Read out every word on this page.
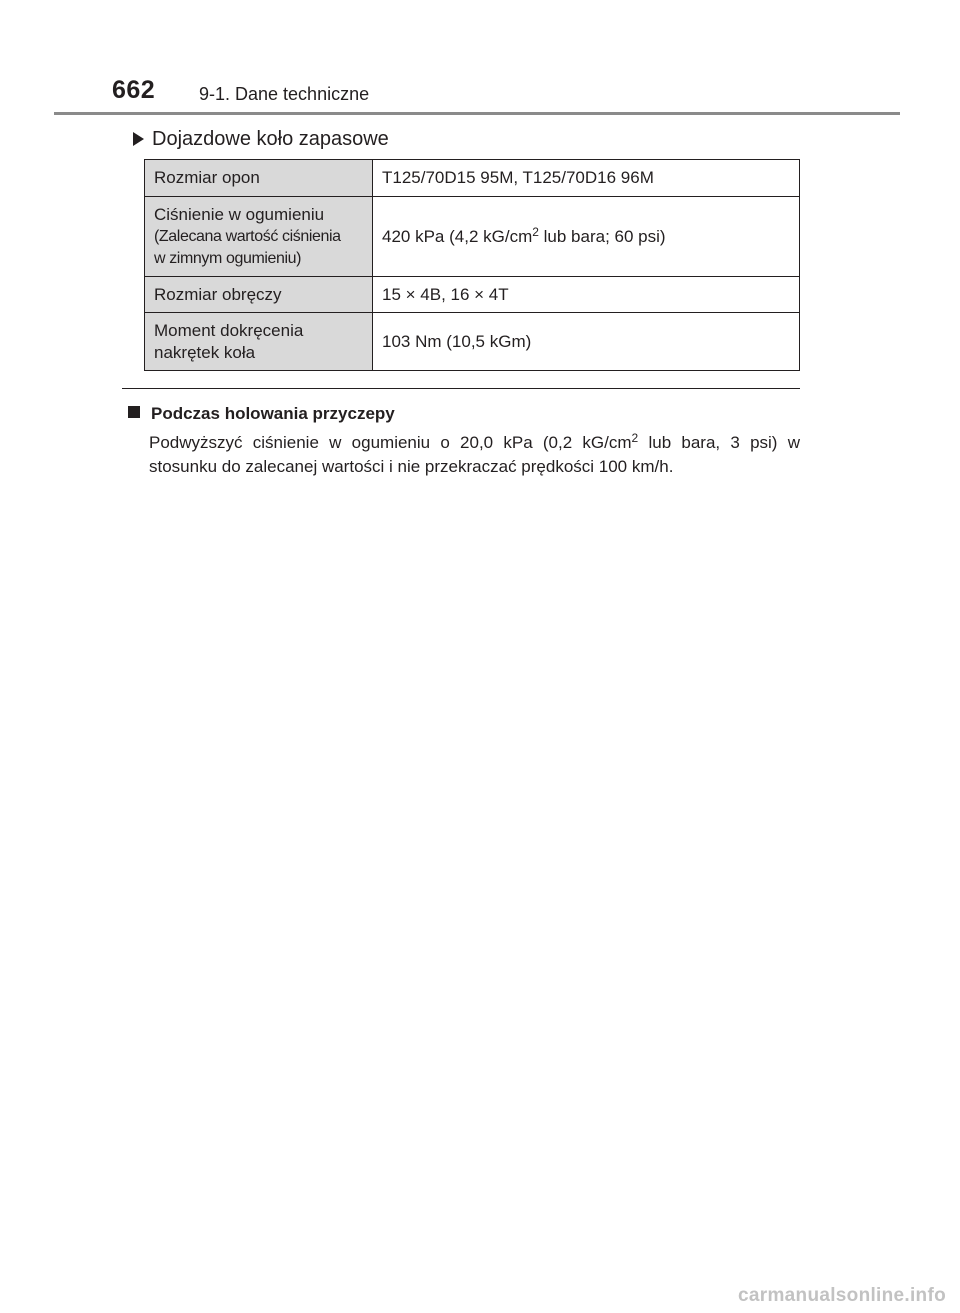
662 9-1. Dane techniczne
Dojazdowe koło zapasowe
Rozmiar opon	T125/70D15 95M, T125/70D16 96M

Ciśnienie w ogumieniu
(Zalecana wartość ciśnienia
w zimnym ogumieniu)	420 kPa (4,2 $kG/cm^2$ lub bara; 60 psi)

Rozmiar obręczy	15 × 4B, 16 × 4T

Moment dokręcenia
nakrętek koła	103 Nm (10,5 kGm)
Podczas holowania przyczepy
Podwyższyć ciśnienie w ogumieniu o 20,0 kPa (0,2 $kG/cm^2$ lub bara, 3 psi) w stosunku do zalecanej wartości i nie przekraczać prędkości 100 km/h.
carmanualsonline.info
